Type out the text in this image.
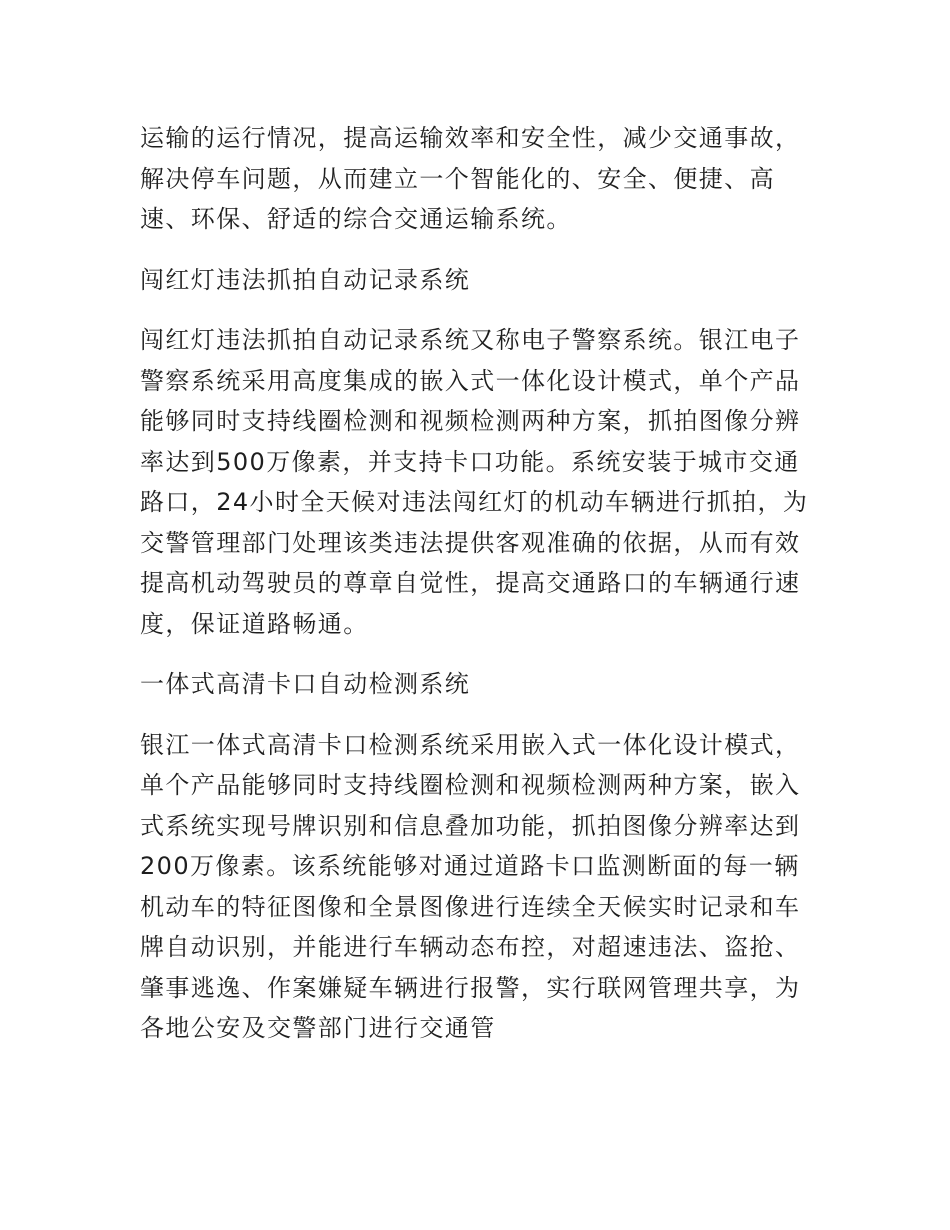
运输的运行情况，提高运输效率和安全性，减少交通事故，解决停车问题，从而建立一个智能化的、安全、便捷、高速、环保、舒适的综合交通运输系统。

闯红灯违法抓拍自动记录系统

闯红灯违法抓拍自动记录系统又称电子警察系统。银江电子警察系统采用高度集成的嵌入式一体化设计模式，单个产品能够同时支持线圈检测和视频检测两种方案，抓拍图像分辨率达到500万像素，并支持卡口功能。系统安装于城市交通路口，24小时全天候对违法闯红灯的机动车辆进行抓拍，为交警管理部门处理该类违法提供客观准确的依据，从而有效提高机动驾驶员的尊章自觉性，提高交通路口的车辆通行速度，保证道路畅通。

一体式高清卡口自动检测系统

银江一体式高清卡口检测系统采用嵌入式一体化设计模式，单个产品能够同时支持线圈检测和视频检测两种方案，嵌入式系统实现号牌识别和信息叠加功能，抓拍图像分辨率达到200万像素。该系统能够对通过道路卡口监测断面的每一辆机动车的特征图像和全景图像进行连续全天候实时记录和车牌自动识别，并能进行车辆动态布控，对超速违法、盗抢、肇事逃逸、作案嫌疑车辆进行报警，实行联网管理共享，为各地公安及交警部门进行交通管
